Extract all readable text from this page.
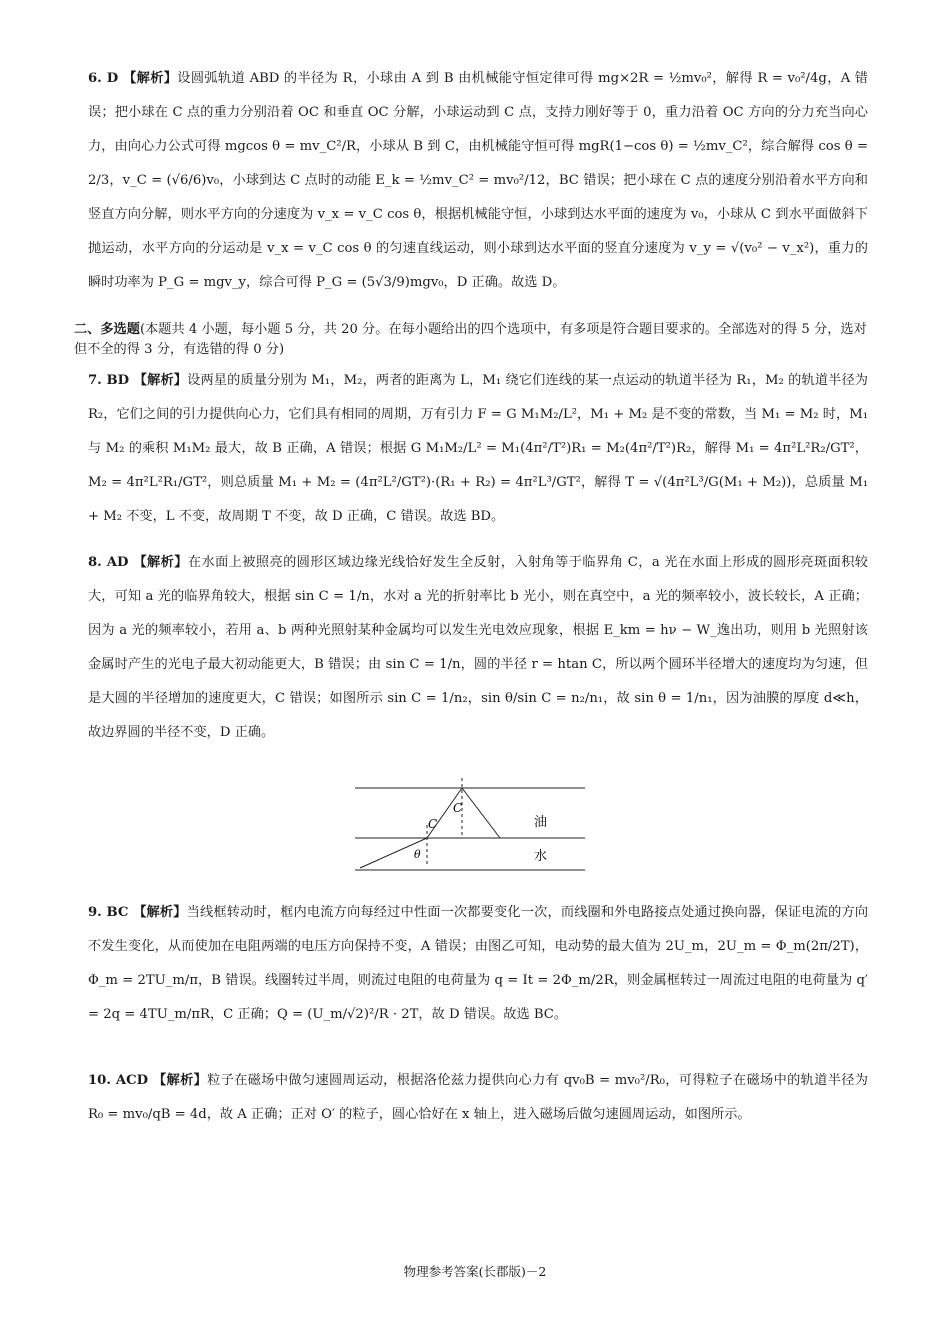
6. D 【解析】设圆弧轨道 ABD 的半径为 R，小球由 A 到 B 由机械能守恒定律可得 mg×2R = ½mv₀²，解得 R = v₀²/4g，A 错误；把小球在 C 点的重力分别沿着 OC 和垂直 OC 分解，小球运动到 C 点，支持力刚好等于 0，重力沿着 OC 方向的分力充当向心力，由向心力公式可得 mgcos θ = mv_C²/R，小球从 B 到 C，由机械能守恒可得 mgR(1−cos θ) = ½mv_C²，综合解得 cos θ = 2/3，v_C = (√6/6)v₀，小球到达 C 点时的动能 E_k = ½mv_C² = mv₀²/12，BC 错误；把小球在 C 点的速度分别沿着水平方向和竖直方向分解，则水平方向的分速度为 v_x = v_C cos θ，根据机械能守恒，小球到达水平面的速度为 v₀，小球从 C 到水平面做斜下抛运动，水平方向的分运动是 v_x = v_C cos θ 的匀速直线运动，则小球到达水平面的竖直分速度为 v_y = √(v₀² − v_x²)，重力的瞬时功率为 P_G = mgv_y，综合可得 P_G = (5√3/9)mgv₀，D 正确。故选 D。

二、多选题(本题共 4 小题，每小题 5 分，共 20 分。在每小题给出的四个选项中，有多项是符合题目要求的。全部选对的得 5 分，选对但不全的得 3 分，有选错的得 0 分)

7. BD 【解析】设两星的质量分别为 M₁，M₂，两者的距离为 L，M₁ 绕它们连线的某一点运动的轨道半径为 R₁，M₂ 的轨道半径为 R₂，它们之间的引力提供向心力，它们具有相同的周期，万有引力 F = G M₁M₂/L²，M₁ + M₂ 是不变的常数，当 M₁ = M₂ 时，M₁ 与 M₂ 的乘积 M₁M₂ 最大，故 B 正确，A 错误；根据 G M₁M₂/L² = M₁(4π²/T²)R₁ = M₂(4π²/T²)R₂，解得 M₁ = 4π²L²R₂/GT²，M₂ = 4π²L²R₁/GT²，则总质量 M₁ + M₂ = (4π²L²/GT²)·(R₁ + R₂) = 4π²L³/GT²，解得 T = √(4π²L³/G(M₁ + M₂))，总质量 M₁ + M₂ 不变，L 不变，故周期 T 不变，故 D 正确，C 错误。故选 BD。

8. AD 【解析】在水面上被照亮的圆形区域边缘光线恰好发生全反射，入射角等于临界角 C，a 光在水面上形成的圆形亮斑面积较大，可知 a 光的临界角较大，根据 sin C = 1/n，水对 a 光的折射率比 b 光小，则在真空中，a 光的频率较小，波长较长，A 正确；因为 a 光的频率较小，若用 a、b 两种光照射某种金属均可以发生光电效应现象，根据 E_km = hν − W_逸出功，则用 b 光照射该金属时产生的光电子最大初动能更大，B 错误；由 sin C = 1/n，圆的半径 r = htan C，所以两个圆环半径增大的速度均为匀速，但是大圆的半径增加的速度更大，C 错误；如图所示 sin C = 1/n₂，sin θ/sin C = n₂/n₁，故 sin θ = 1/n₁，因为油膜的厚度 d≪h，故边界圆的半径不变，D 正确。

C
C
θ
油
水

9. BC 【解析】当线框转动时，框内电流方向每经过中性面一次都要变化一次，而线圈和外电路接点处通过换向器，保证电流的方向不发生变化，从而使加在电阻两端的电压方向保持不变，A 错误；由图乙可知，电动势的最大值为 2U_m，2U_m = Φ_m(2π/2T)，Φ_m = 2TU_m/π，B 错误。线圈转过半周，则流过电阻的电荷量为 q = It = 2Φ_m/2R，则金属框转过一周流过电阻的电荷量为 q′ = 2q = 4TU_m/πR，C 正确；Q = (U_m/√2)²/R · 2T，故 D 错误。故选 BC。

10. ACD 【解析】粒子在磁场中做匀速圆周运动，根据洛伦兹力提供向心力有 qv₀B = mv₀²/R₀，可得粒子在磁场中的轨道半径为 R₀ = mv₀/qB = 4d，故 A 正确；正对 O′ 的粒子，圆心恰好在 x 轴上，进入磁场后做匀速圆周运动，如图所示。

物理参考答案(长郡版)－2
